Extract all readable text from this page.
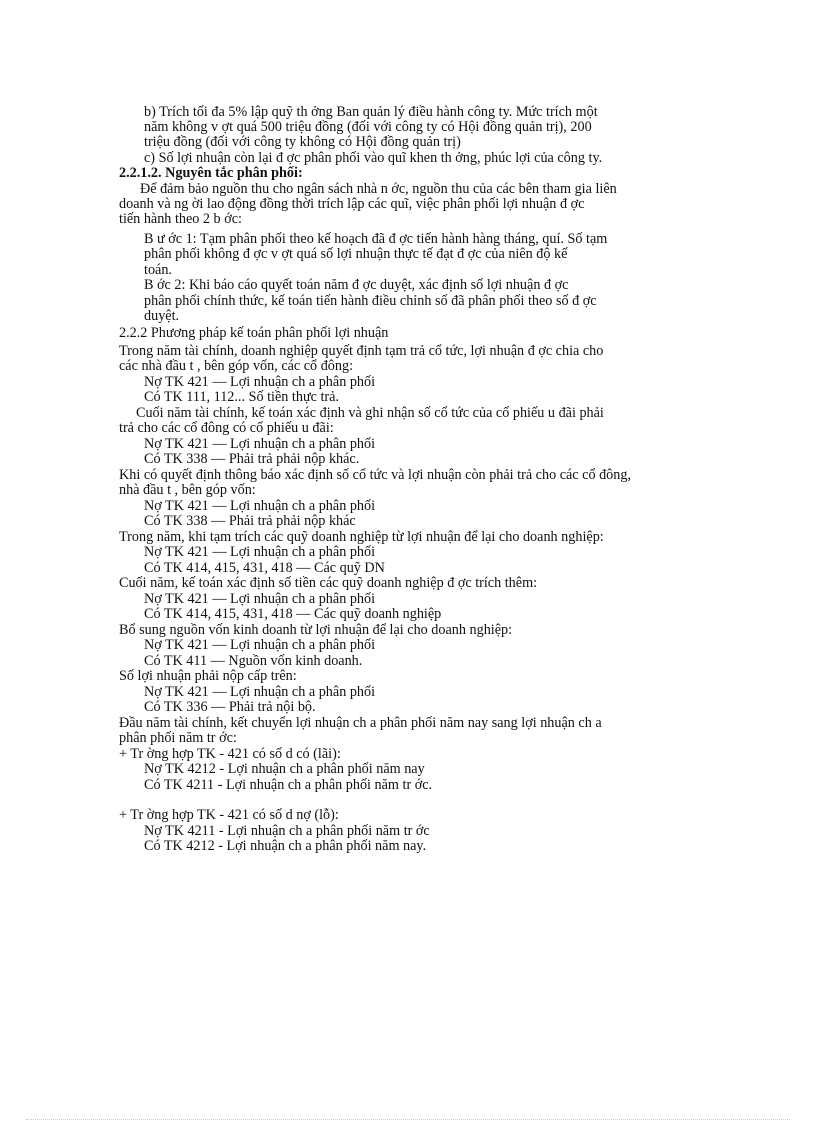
b) Trích tối đa 5% lập quỹ th ởng Ban quản lý điều hành công ty. Mức trích một
năm không v ợt quá 500 triệu đồng (đối với công ty có Hội đồng quản trị), 200
triệu đồng (đối với công ty không có Hội đồng quản trị)
c) Số lợi nhuận còn lại đ ợc phân phối vào quĩ khen th ởng, phúc lợi của công ty.
2.2.1.2. Nguyên tắc phân phối:
Để đảm bảo nguồn thu cho ngân sách nhà n ớc, nguồn thu của các bên tham gia liên
doanh và ng ời lao động đồng thời trích lập các quĩ, việc phân phối lợi nhuận đ ợc
tiến hành theo 2 b ớc:
B ư ớc 1: Tạm phân phối theo kế hoạch đã đ ợc tiến hành hàng tháng, quí. Số tạm
phân phối không đ ợc v ợt quá số lợi nhuận thực tế đạt đ ợc của niên độ kế
toán.
B ớc 2: Khi báo cáo quyết toán năm đ ợc duyệt, xác định số lợi nhuận đ ợc
phân phối chính thức, kế toán tiến hành điều chỉnh số đã phân phối theo số đ ợc
duyệt.
2.2.2 Phương pháp kế toán phân phối lợi nhuận
Trong năm tài chính, doanh nghiệp quyết định tạm trả cổ tức, lợi nhuận đ ợc chia cho
các nhà đầu t , bên góp vốn, các cổ đông:
Nợ TK 421 — Lợi nhuận ch a phân phối
Có TK 111, 112... Số tiền thực trả.
Cuối năm tài chính, kế toán xác định và ghi nhận số cổ tức của cổ phiếu u đãi phải
trả cho các cổ đông có cổ phiếu u đãi:
Nợ TK 421 — Lợi nhuận ch a phân phối
Có TK 338 — Phải trả phải nộp khác.
Khi có quyết định thông báo xác định số cổ tức và lợi nhuận còn phải trả cho các cổ đông,
nhà đầu t , bên góp vốn:
Nợ TK 421 — Lợi nhuận ch a phân phối
Có TK 338 — Phải trả phải nộp khác
Trong năm, khi tạm trích các quỹ doanh nghiệp từ lợi nhuận để lại cho doanh nghiệp:
Nợ TK 421 — Lợi nhuận ch a phân phối
Có TK 414, 415, 431, 418 — Các quỹ DN
Cuối năm, kế toán xác định số tiền các quỹ doanh nghiệp đ ợc trích thêm:
Nợ TK 421 — Lợi nhuận ch a phân phối
Có TK 414, 415, 431, 418 — Các quỹ doanh nghiệp
Bổ sung nguồn vốn kinh doanh từ lợi nhuận để lại cho doanh nghiệp:
Nợ TK 421 — Lợi nhuận ch a phân phối
Có TK 411 — Nguồn vốn kinh doanh.
Số lợi nhuận phải nộp cấp trên:
Nợ TK 421 — Lợi nhuận ch a phân phối
Có TK 336 — Phải trả nội bộ.
Đầu năm tài chính, kết chuyển lợi nhuận ch a phân phối năm nay sang lợi nhuận ch a
phân phối năm tr ớc:
+ Tr ờng hợp TK - 421 có số d có (lãi):
Nợ TK 4212 - Lợi nhuận ch a phân phối năm nay
Có TK 4211 - Lợi nhuận ch a phân phối năm tr ớc.
+ Tr ờng hợp TK - 421 có số d nợ (lỗ):
Nợ TK 4211 - Lợi nhuận ch a phân phối năm tr ớc
Có TK 4212 - Lợi nhuận ch a phân phối năm nay.
